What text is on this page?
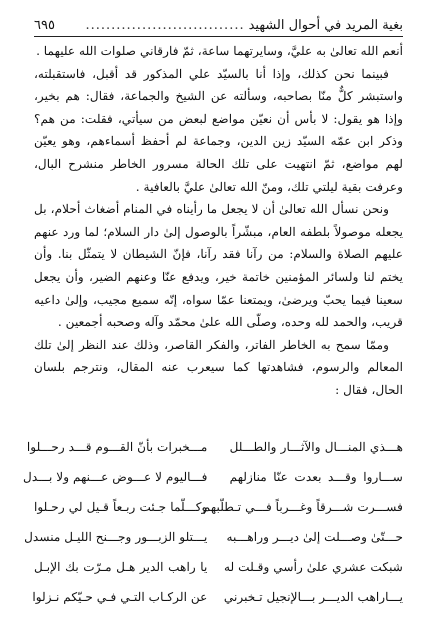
بغية المريد في أحوال الشهيد
...............................
٦٩٥

أنعم الله تعالىٰ به عليَّ، وسايرتهما ساعة، ثمّ فارقاني صلوات الله عليهما .

فبينما نحن كذلك، وإذا أنا بالسيّد علي المذكور قد أقبل، فاستقبلته، واستبشر كلٌّ منّا بصاحبه، وسألته عن الشيخ والجماعة، فقال: هم بخير، وإذا هو يقول: لا بأس أن نعيّن مواضع لبعض من سيأتي، فقلت: من هم؟ وذكر ابن عمّه السيّد زين الدين، وجماعة لم أحفظ أسماءهم، وهو يعيّن لهم مواضع، ثمّ انتهيت على تلك الحالة مسرور الخاطر منشرح البال، وعرفت بقية ليلتي تلك، ومنّ الله تعالىٰ عليَّ بالعافية .

ونحن نسأل الله تعالىٰ أن لا يجعل ما رأيناه في المنام أضغاث أحلام، بل يجعله موصولاً بلطفه العام، مبشّراً بالوصول إلىٰ دار السلام؛ لما ورد عنهم عليهم الصلاة والسلام: من رآنا فقد رآنا، فإنّ الشيطان لا يتمثّل بنا. وأن يختم لنا ولسائر المؤمنين خاتمة خير، ويدفع عنّا وعنهم الضير، وأن يجعل سعينا فيما يحبّ ويرضىٰ، ويمتعنا عمّا سواه، إنّه سميع مجيب، وإلىٰ داعيه قريب، والحمد لله وحده، وصلّى الله علىٰ محمّد وآله وصحبه أجمعين .

وممّا سمح به الخاطر الفاتر، والفكر القاصر، وذلك عند النظر إلىٰ تلك المعالم والرسوم، فشاهدتها كما سيعرب عنه المقال، ونترجم بلسان الحال، فقال :

هـــذي المنـــال والآثـــار والطـــلل
مـــخبرات بأنّ القـــوم قـــد رحـــلوا
ســـاروا وقـــد بعدت عنّا منازلهم
فـــاليوم لا عـــوض عـــنهم ولا بـــدل
فســـرت شـــرقاً وغـــرباً فـــي تـطلّبهم
وكـــلّما جـئت ربـعاً قـيل لي رحـلوا
حـــتّىٰ وصـــلت إلىٰ ديـــر وراهـــبه
يـــتلو الزبـــور وجـــنح الليـل منسدل
شبكت عشري علىٰ رأسي وقـلت له
يا راهب الدير هـل مـرّت بك الإبـل
يـــاراهب الديـــر بـــالإنجيل تـخبرني
عن الركـاب التـي فـي حـيّكم نـزلوا
